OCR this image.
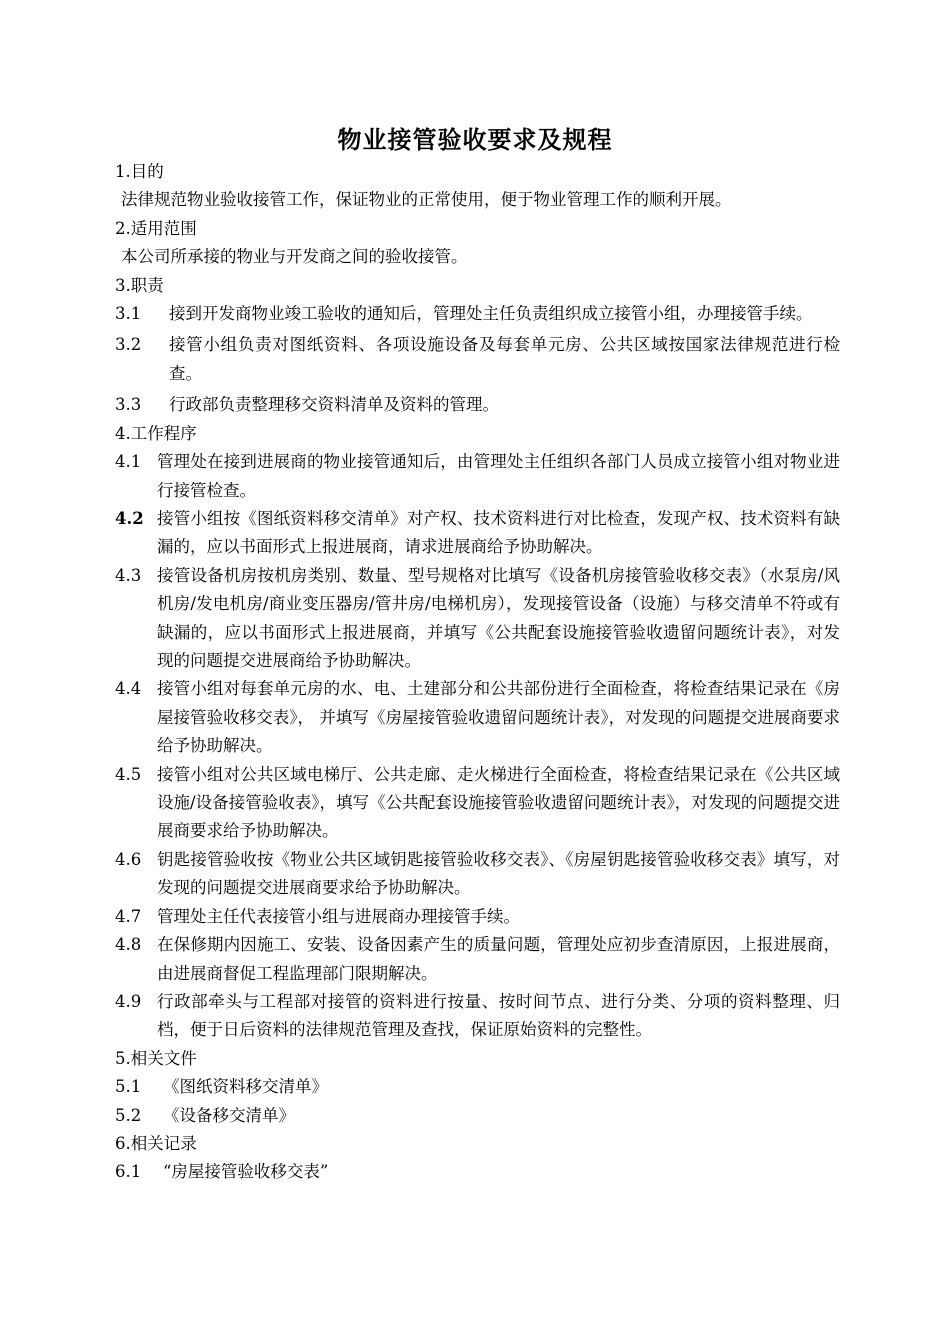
物业接管验收要求及规程

1.目的

法律规范物业验收接管工作，保证物业的正常使用，便于物业管理工作的顺利开展。

2.适用范围

本公司所承接的物业与开发商之间的验收接管。

3.职责

3.1 接到开发商物业竣工验收的通知后，管理处主任负责组织成立接管小组，办理接管手续。
3.2 接管小组负责对图纸资料、各项设施设备及每套单元房、公共区域按国家法律规范进行检查。
3.3 行政部负责整理移交资料清单及资料的管理。

4.工作程序

4.1 管理处在接到进展商的物业接管通知后，由管理处主任组织各部门人员成立接管小组对物业进行接管检查。
4.2 接管小组按《图纸资料移交清单》对产权、技术资料进行对比检查，发现产权、技术资料有缺漏的，应以书面形式上报进展商，请求进展商给予协助解决。
4.3 接管设备机房按机房类别、数量、型号规格对比填写《设备机房接管验收移交表》（水泵房/风机房/发电机房/商业变压器房/管井房/电梯机房），发现接管设备（设施）与移交清单不符或有缺漏的，应以书面形式上报进展商，并填写《公共配套设施接管验收遗留问题统计表》，对发现的问题提交进展商给予协助解决。
4.4 接管小组对每套单元房的水、电、土建部分和公共部份进行全面检查，将检查结果记录在《房屋接管验收移交表》， 并填写《房屋接管验收遗留问题统计表》，对发现的问题提交进展商要求给予协助解决。
4.5 接管小组对公共区域电梯厅、公共走廊、走火梯进行全面检查，将检查结果记录在《公共区域设施/设备接管验收表》，填写《公共配套设施接管验收遗留问题统计表》，对发现的问题提交进展商要求给予协助解决。
4.6 钥匙接管验收按《物业公共区域钥匙接管验收移交表》、《房屋钥匙接管验收移交表》填写，对发现的问题提交进展商要求给予协助解决。
4.7 管理处主任代表接管小组与进展商办理接管手续。
4.8 在保修期内因施工、安装、设备因素产生的质量问题，管理处应初步查清原因，上报进展商，由进展商督促工程监理部门限期解决。
4.9 行政部牵头与工程部对接管的资料进行按量、按时间节点、进行分类、分项的资料整理、归档，便于日后资料的法律规范管理及查找，保证原始资料的完整性。

5.相关文件

5.1 《图纸资料移交清单》
5.2 《设备移交清单》

6.相关记录

6.1 “房屋接管验收移交表”
